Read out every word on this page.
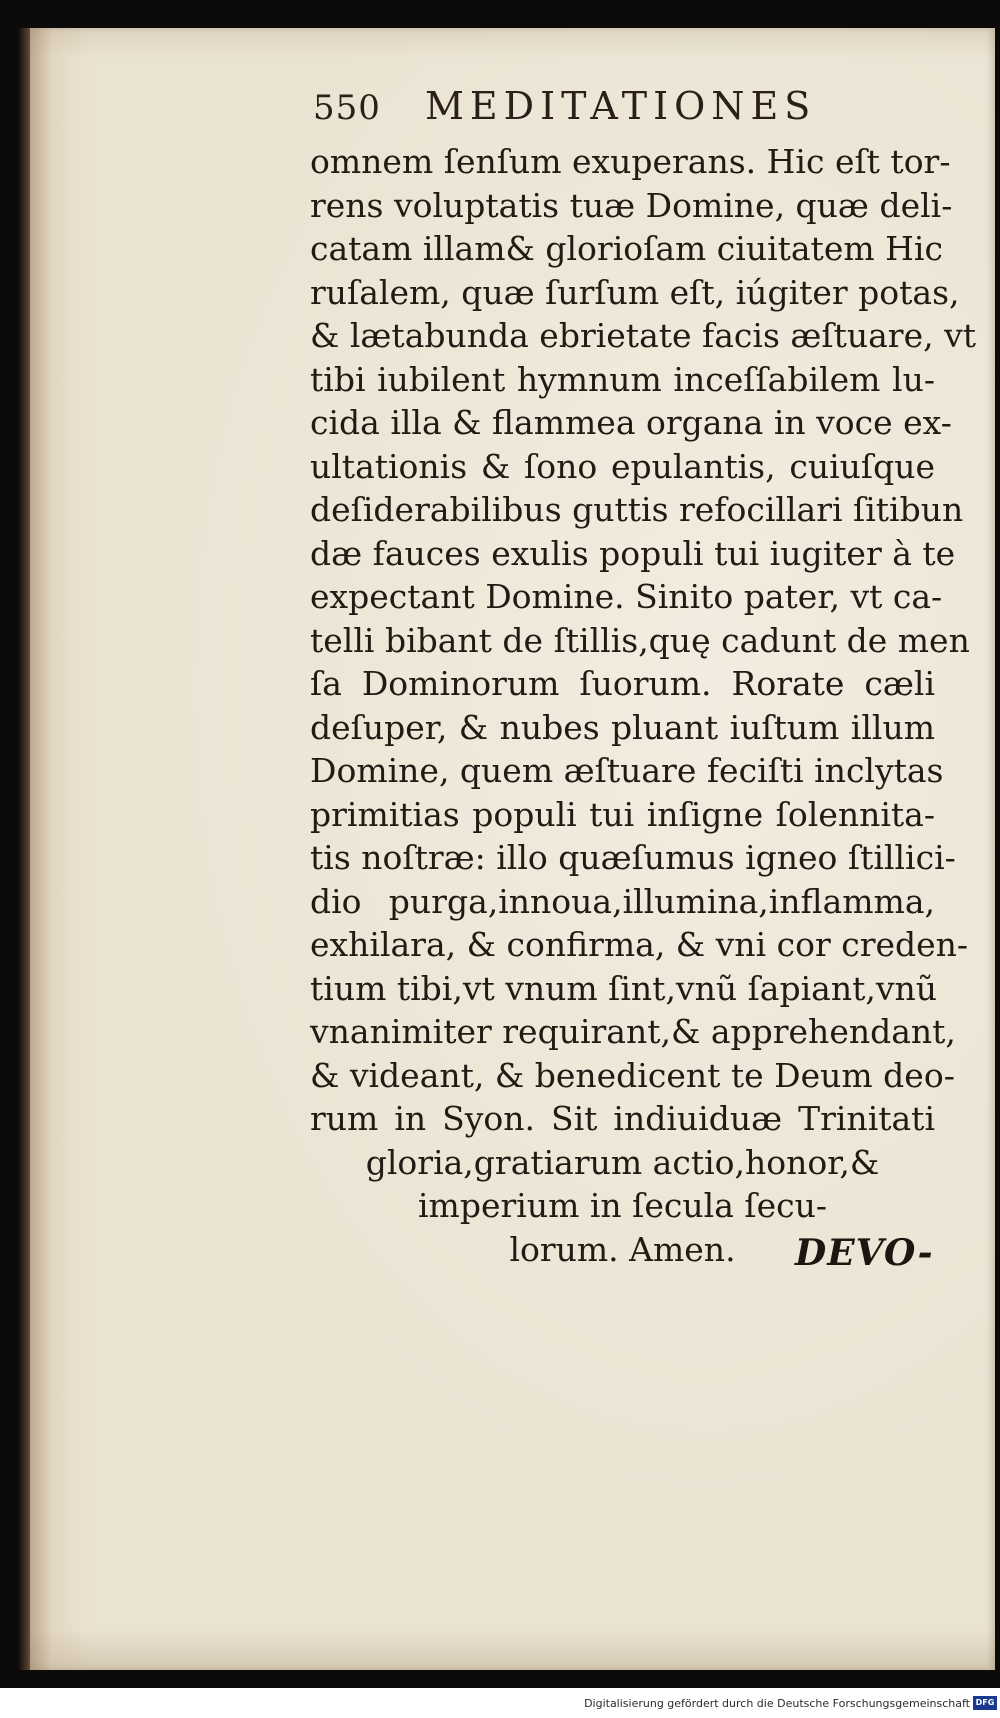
550 MEDITATIONES
omnem ſenſum exuperans. Hic eſt tor-
rens voluptatis tuæ Domine, quæ deli-
catam illam& glorioſam ciuitatem Hic
ruſalem, quæ ſurſum eſt, iúgiter potas,
& lætabunda ebrietate facis æſtuare, vt
tibi iubilent hymnum inceſſabilem lu-
cida illa & flammea organa in voce ex-
ultationis & ſono epulantis, cuiuſque
deſiderabilibus guttis refocillari ſitibun
dæ fauces exulis populi tui iugiter à te
expectant Domine. Sinito pater, vt ca-
telli bibant de ſtillis,quę cadunt de men
ſa Dominorum ſuorum. Rorate cæli
deſuper, & nubes pluant iuſtum illum
Domine, quem æſtuare feciſti inclytas
primitias populi tui inſigne ſolennita-
tis noſtræ: illo quæſumus igneo ſtillici-
dio purga,innoua,illumina,inflamma,
exhilara, & confirma, & vni cor creden-
tium tibi,vt vnum ſint,vnũ ſapiant,vnũ
vnanimiter requirant,& apprehendant,
& videant, & benedicent te Deum deo-
rum in Syon. Sit indiuiduæ Trinitati
gloria,gratiarum actio,honor,&
imperium in ſecula ſecu-
lorum. Amen.	DEVO-
Digitalisierung gefördert durch die Deutsche Forschungsgemeinschaft DFG
